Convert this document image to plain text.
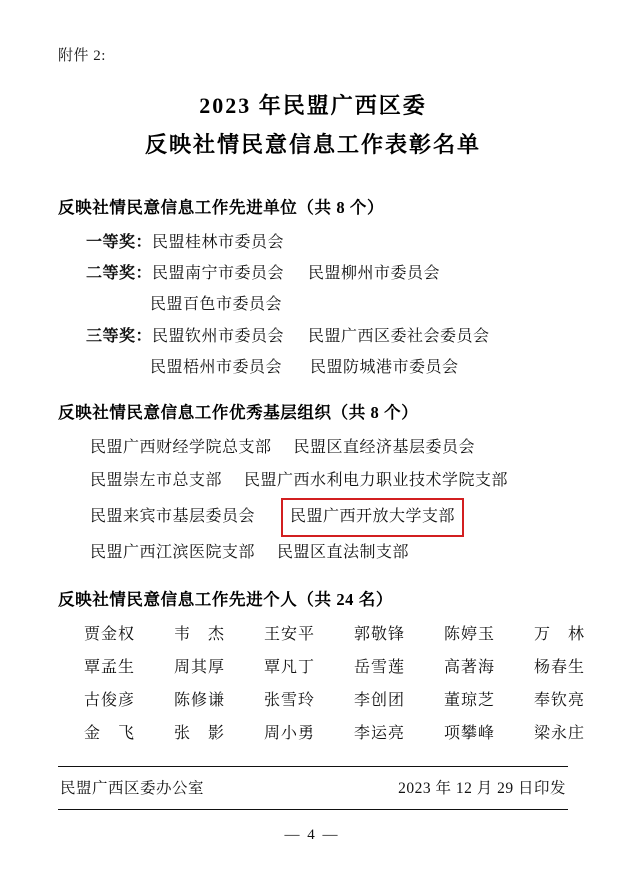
附件 2:
2023 年民盟广西区委
反映社情民意信息工作表彰名单
反映社情民意信息工作先进单位（共 8 个）
一等奖： 民盟桂林市委员会
二等奖： 民盟南宁市委员会 民盟柳州市委员会
民盟百色市委员会
三等奖： 民盟钦州市委员会 民盟广西区委社会委员会
民盟梧州市委员会 民盟防城港市委员会
反映社情民意信息工作优秀基层组织（共 8 个）
民盟广西财经学院总支部 民盟区直经济基层委员会
民盟崇左市总支部 民盟广西水利电力职业技术学院支部
民盟来宾市基层委员会	民盟广西开放大学支部
民盟广西江滨医院支部 民盟区直法制支部
反映社情民意信息工作先进个人（共 24 名）
贾金权	韦　杰	王安平	郭敬锋	陈婷玉	万　林
覃孟生	周其厚	覃凡丁	岳雪莲	高著海	杨春生
古俊彦	陈修谦	张雪玲	李创团	董琼芝	奉钦亮
金　飞	张　影	周小勇	李运亮	项攀峰	梁永庄
民盟广西区委办公室	2023 年 12 月 29 日印发
— 4 —
